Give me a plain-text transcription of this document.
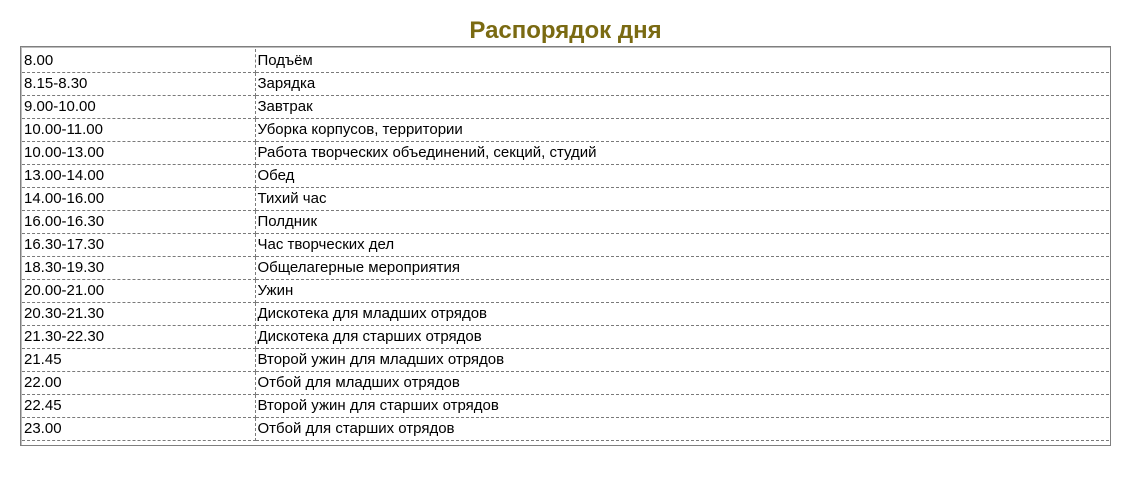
Распорядок дня
8.00	Подъём
8.15-8.30	Зарядка
9.00-10.00	Завтрак
10.00-11.00	Уборка корпусов, территории
10.00-13.00	Работа творческих объединений, секций, студий
13.00-14.00	Обед
14.00-16.00	Тихий час
16.00-16.30	Полдник
16.30-17.30	Час творческих дел
18.30-19.30	Общелагерные мероприятия
20.00-21.00	Ужин
20.30-21.30	Дискотека для младших отрядов
21.30-22.30	Дискотека для старших отрядов
21.45	Второй ужин для младших отрядов
22.00	Отбой для младших отрядов
22.45	Второй ужин для старших отрядов
23.00	Отбой для старших отрядов
